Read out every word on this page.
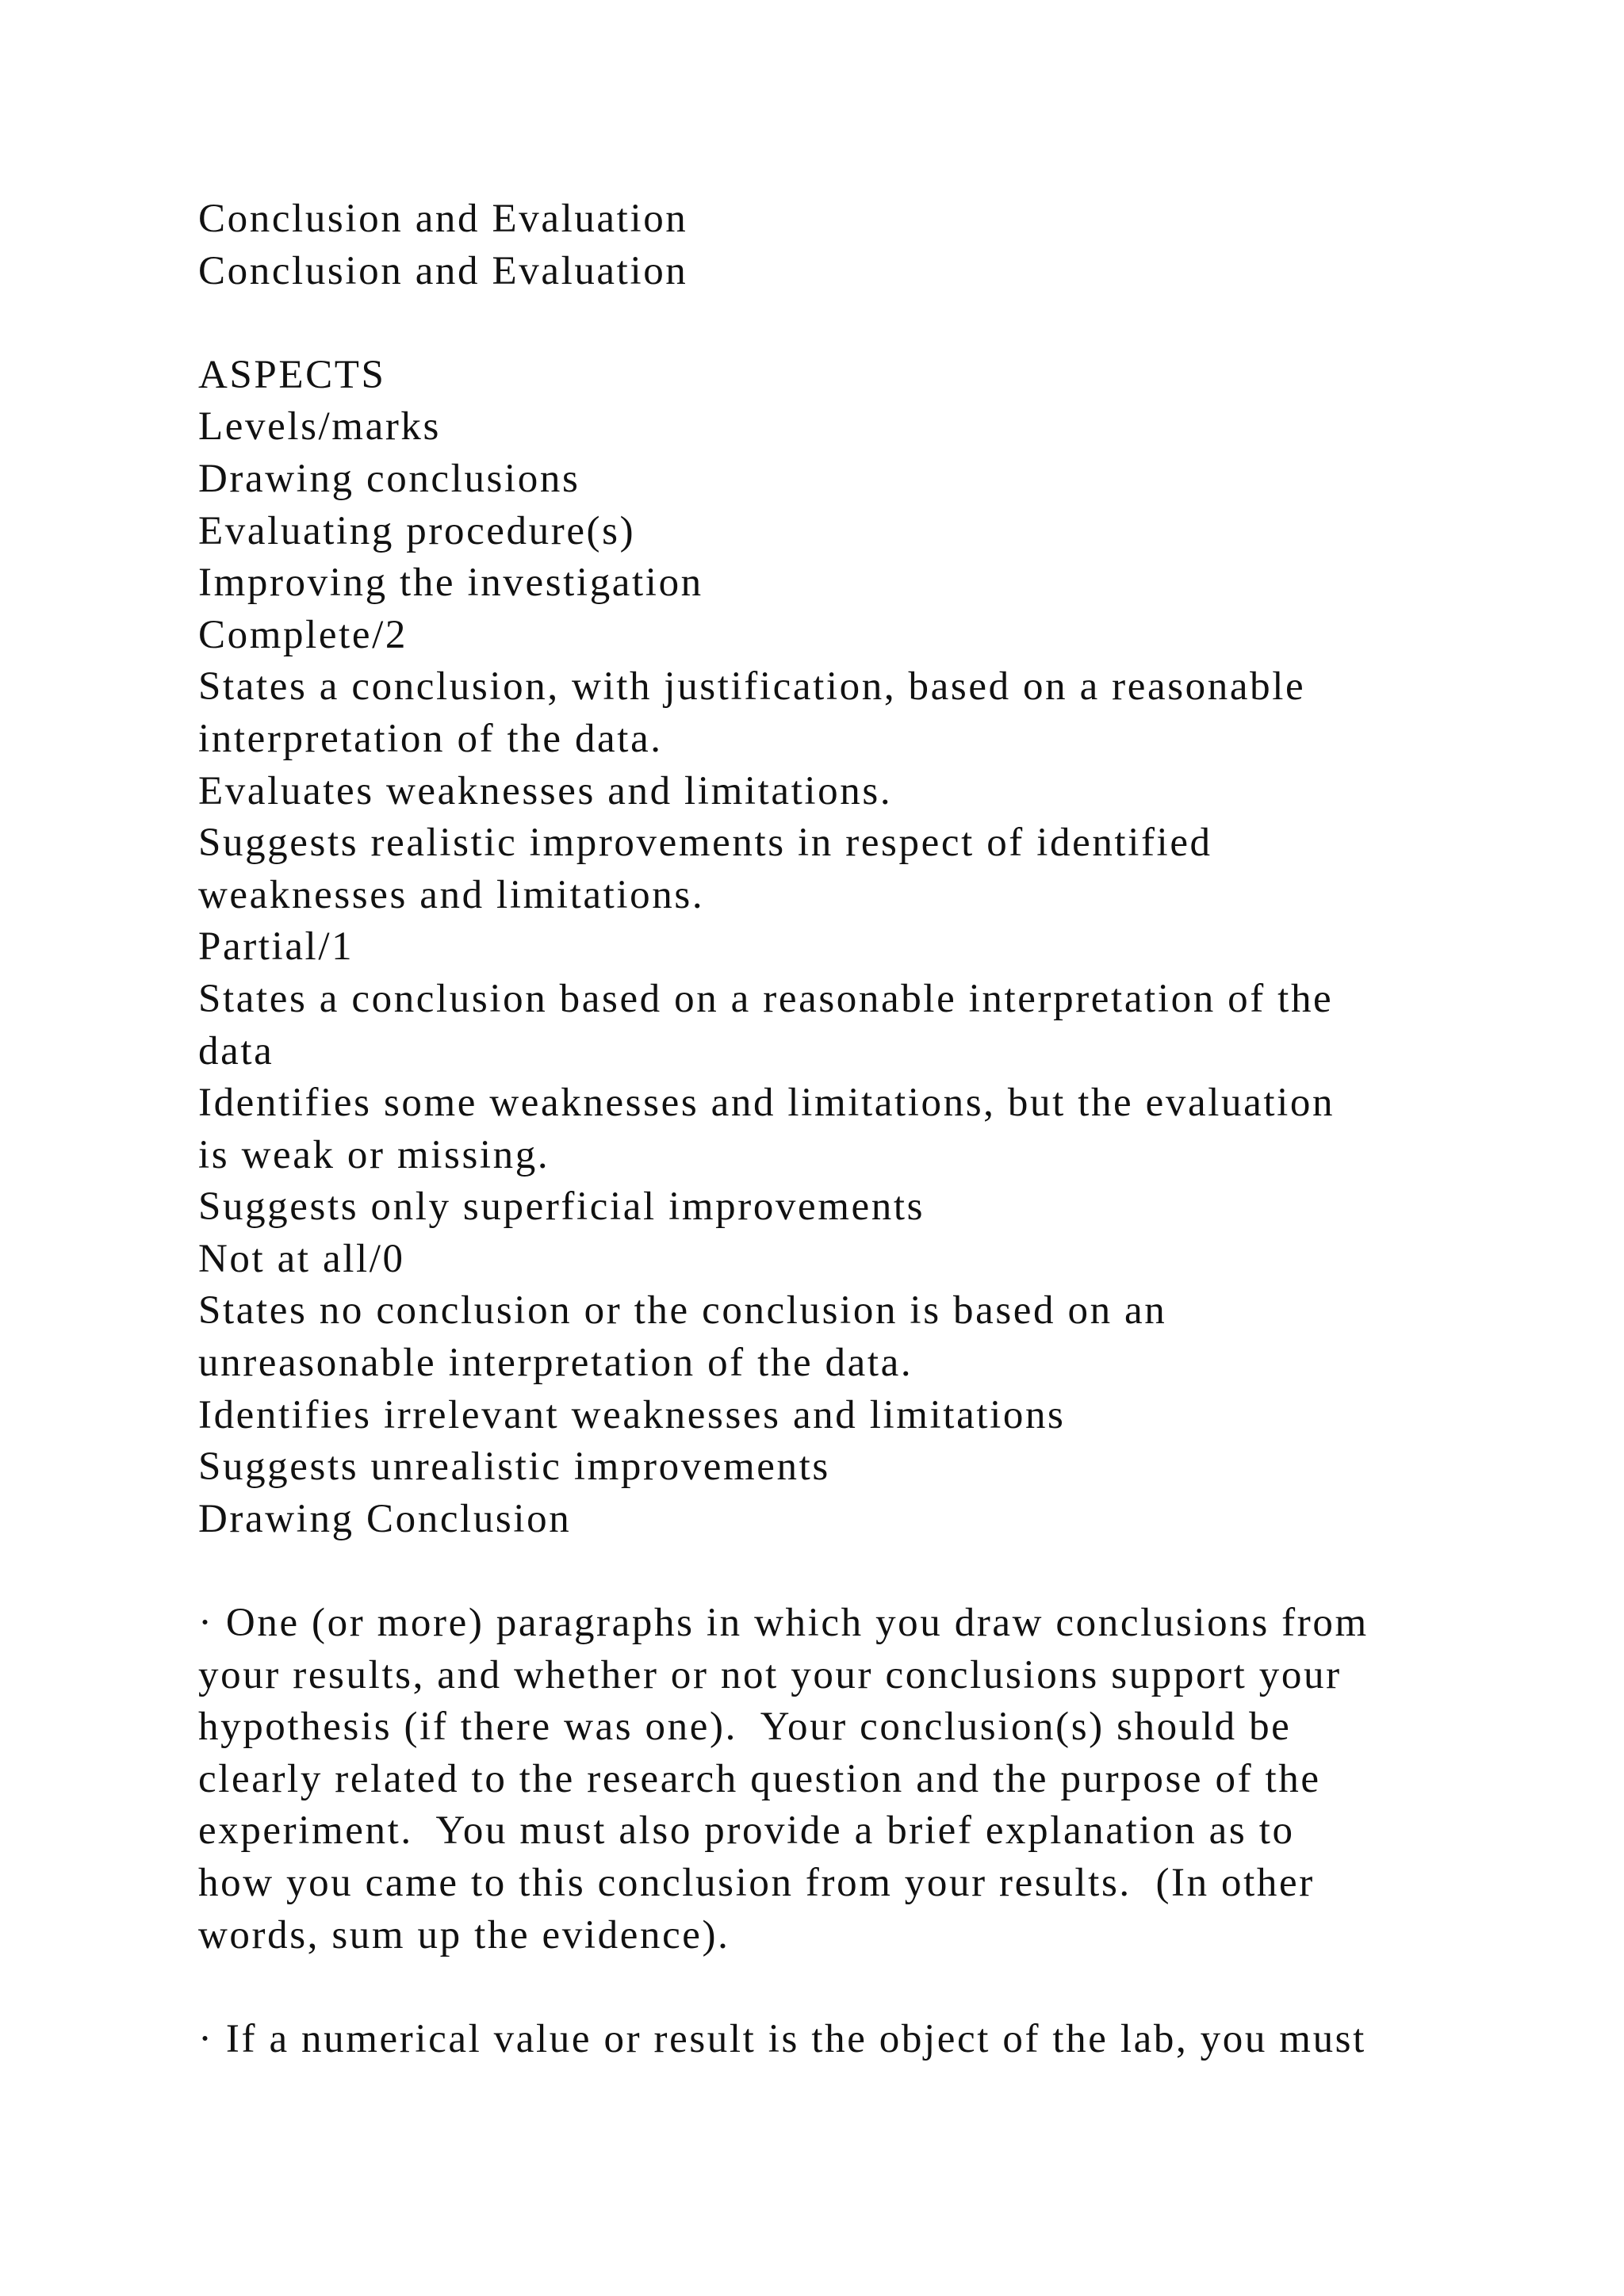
Conclusion and Evaluation
Conclusion and Evaluation
ASPECTS
Levels/marks
Drawing conclusions
Evaluating procedure(s)
Improving the investigation
Complete/2
States a conclusion, with justification, based on a reasonable
interpretation of the data.
Evaluates weaknesses and limitations.
Suggests realistic improvements in respect of identified
weaknesses and limitations.
Partial/1
States a conclusion based on a reasonable interpretation of the
data
Identifies some weaknesses and limitations, but the evaluation
is weak or missing.
Suggests only superficial improvements
Not at all/0
States no conclusion or the conclusion is based on an
unreasonable interpretation of the data.
Identifies irrelevant weaknesses and limitations
Suggests unrealistic improvements
Drawing Conclusion
· One (or more) paragraphs in which you draw conclusions from
your results, and whether or not your conclusions support your
hypothesis (if there was one).  Your conclusion(s) should be
clearly related to the research question and the purpose of the
experiment.  You must also provide a brief explanation as to
how you came to this conclusion from your results.  (In other
words, sum up the evidence).
· If a numerical value or result is the object of the lab, you must
